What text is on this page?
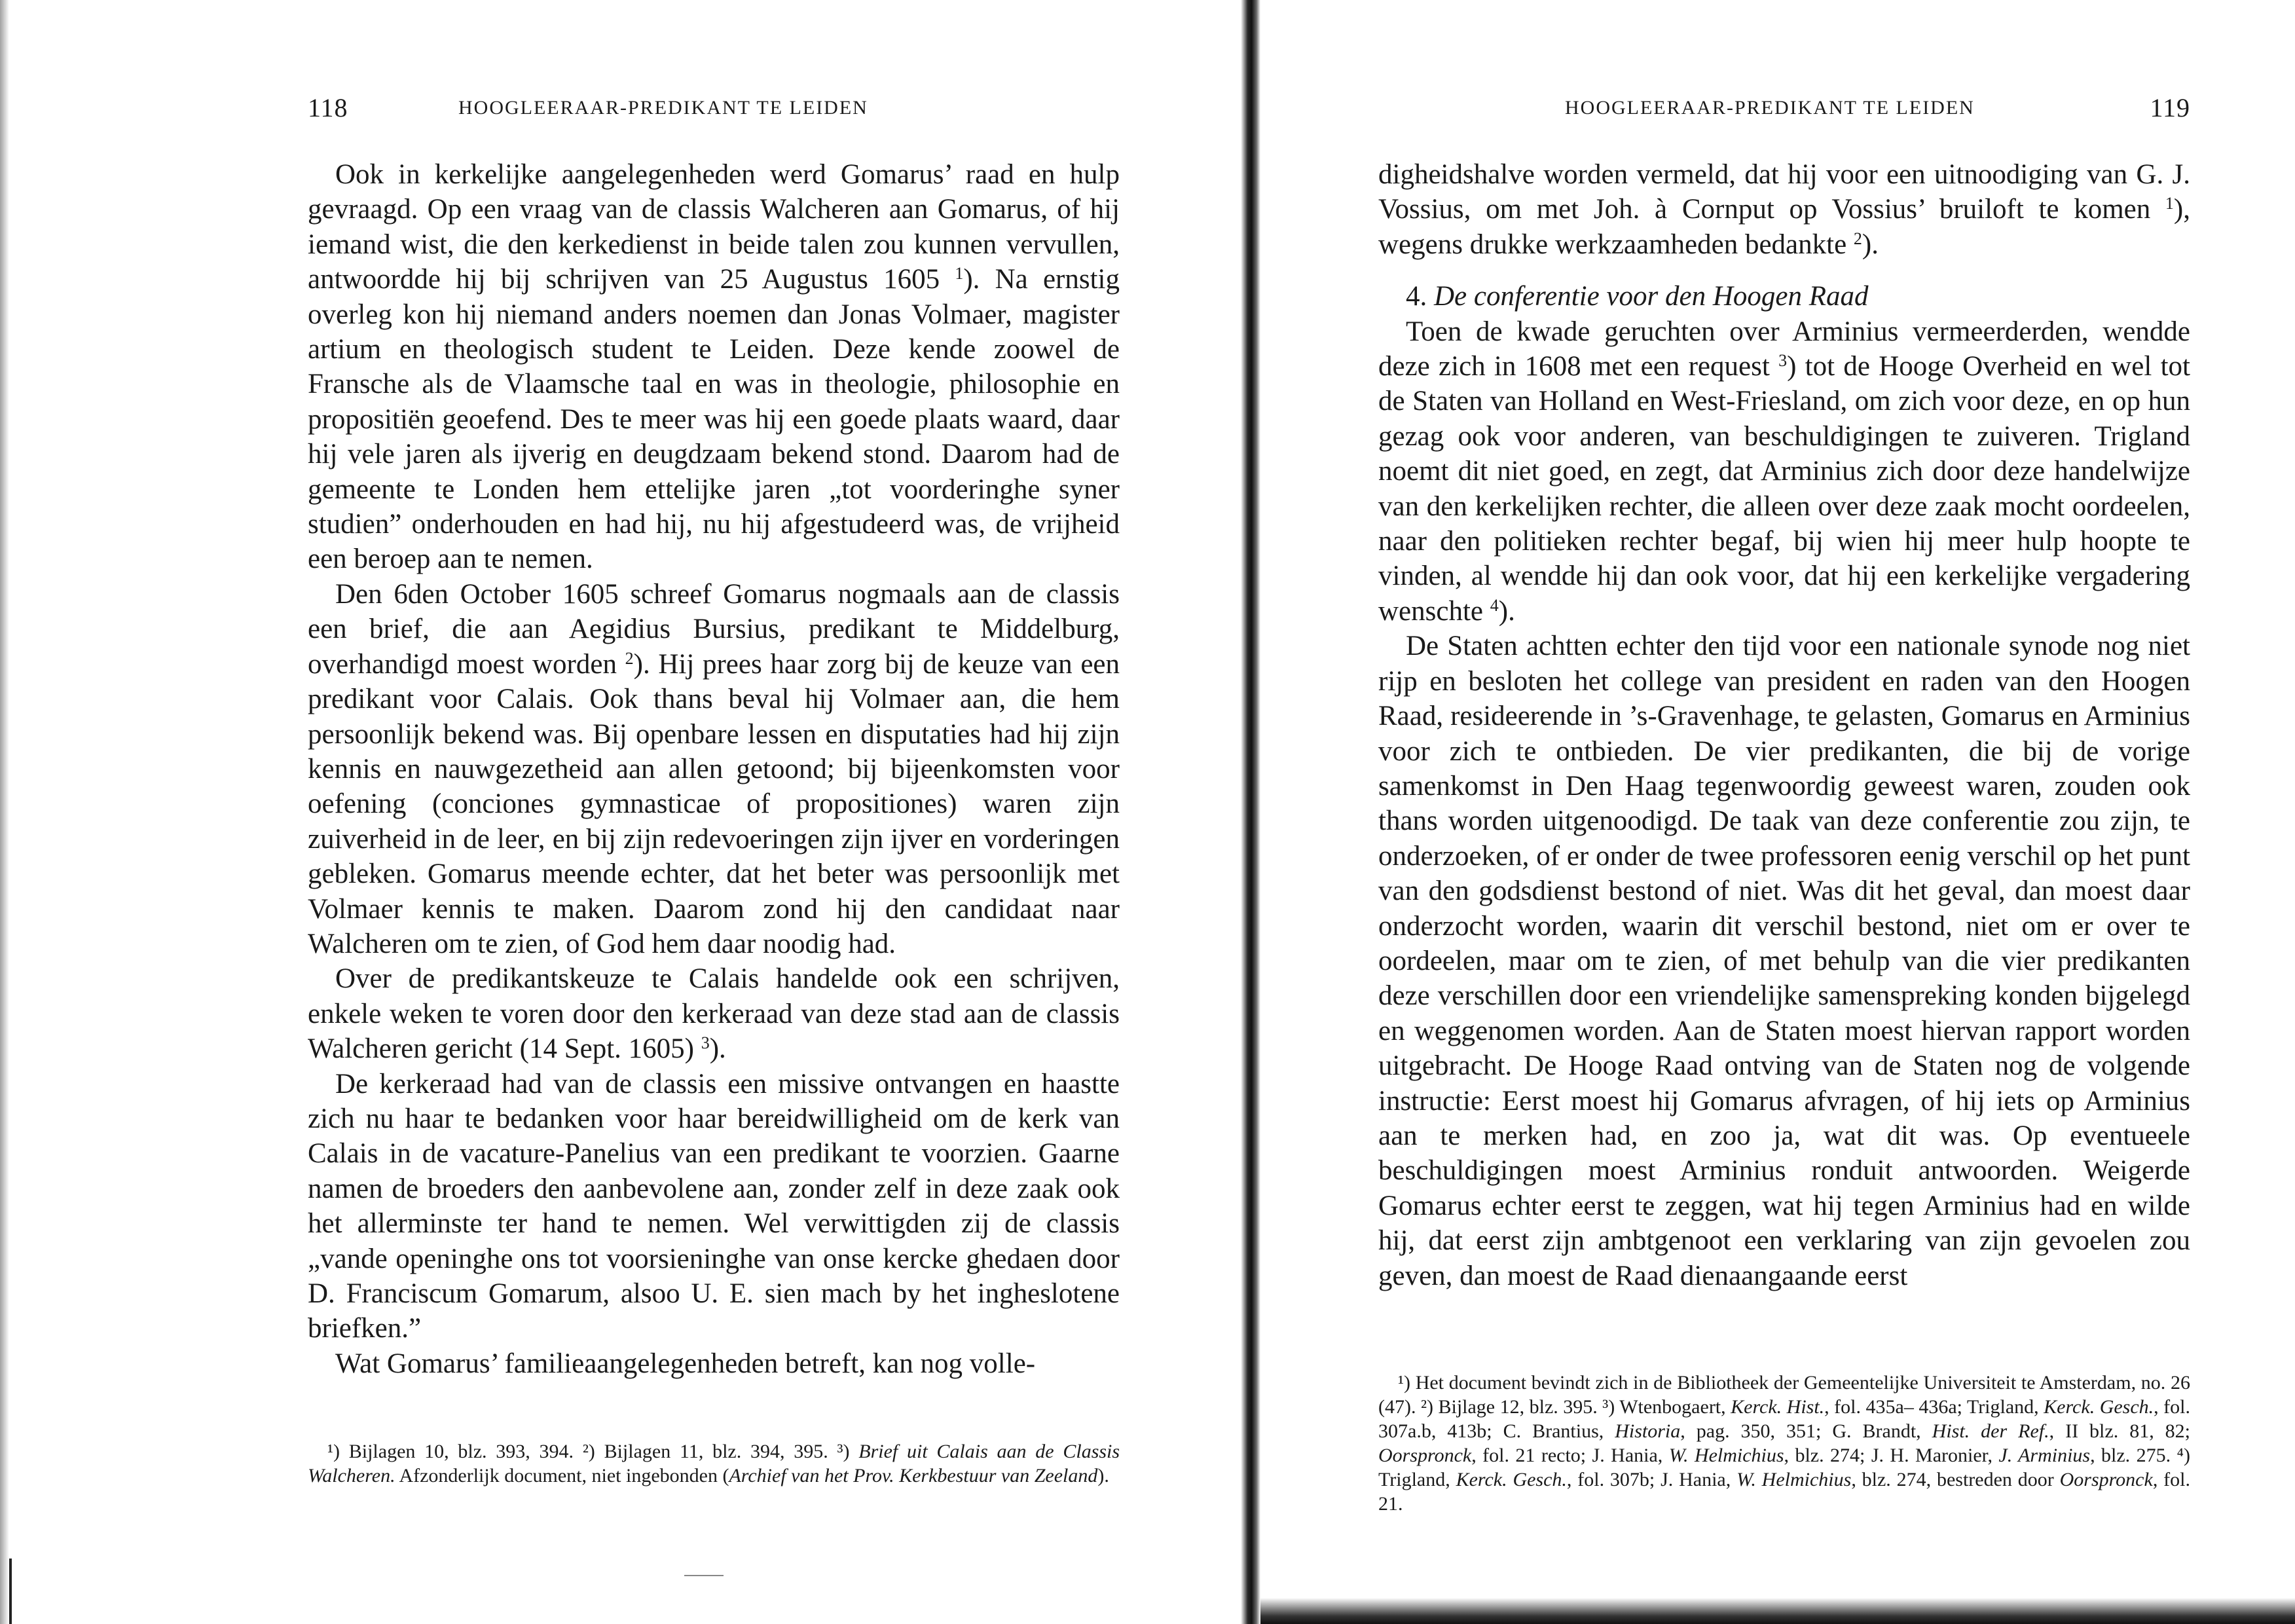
118	HOOGLEERAAR-PREDIKANT TE LEIDEN

Ook in kerkelijke aangelegenheden werd Gomarus’ raad en hulp gevraagd. Op een vraag van de classis Walcheren aan Gomarus, of hij iemand wist, die den kerkedienst in beide talen zou kunnen vervullen, antwoordde hij bij schrijven van 25 Augustus 1605 $^1$). Na ernstig overleg kon hij niemand anders noemen dan Jonas Volmaer, magister artium en theologisch student te Leiden. Deze kende zoowel de Fransche als de Vlaamsche taal en was in theologie, philosophie en propositiën geoefend. Des te meer was hij een goede plaats waard, daar hij vele jaren als ijverig en deugdzaam bekend stond. Daarom had de gemeente te Londen hem ettelijke jaren „tot voorderinghe syner studien” onderhouden en had hij, nu hij afgestudeerd was, de vrijheid een beroep aan te nemen.

Den 6den October 1605 schreef Gomarus nogmaals aan de classis een brief, die aan Aegidius Bursius, predikant te Middelburg, overhandigd moest worden $^2$). Hij prees haar zorg bij de keuze van een predikant voor Calais. Ook thans beval hij Volmaer aan, die hem persoonlijk bekend was. Bij openbare lessen en disputaties had hij zijn kennis en nauwgezetheid aan allen getoond; bij bijeenkomsten voor oefening (conciones gymnasticae of propositiones) waren zijn zuiverheid in de leer, en bij zijn redevoeringen zijn ijver en vorderingen gebleken. Gomarus meende echter, dat het beter was persoonlijk met Volmaer kennis te maken. Daarom zond hij den candidaat naar Walcheren om te zien, of God hem daar noodig had.

Over de predikantskeuze te Calais handelde ook een schrijven, enkele weken te voren door den kerkeraad van deze stad aan de classis Walcheren gericht (14 Sept. 1605) $^3$).

De kerkeraad had van de classis een missive ontvangen en haastte zich nu haar te bedanken voor haar bereidwilligheid om de kerk van Calais in de vacature-Panelius van een predikant te voorzien. Gaarne namen de broeders den aanbevolene aan, zonder zelf in deze zaak ook het allerminste ter hand te nemen. Wel verwittigden zij de classis „vande openinghe ons tot voorsieninghe van onse kercke ghedaen door D. Franciscum Gomarum, alsoo U. E. sien mach by het ingheslotene briefken.”

Wat Gomarus’ familieaangelegenheden betreft, kan nog volle-

¹) Bijlagen 10, blz. 393, 394. ²) Bijlagen 11, blz. 394, 395. ³) Brief uit Calais aan de Classis Walcheren. Afzonderlijk document, niet ingebonden (Archief van het Prov. Kerkbestuur van Zeeland).

HOOGLEERAAR-PREDIKANT TE LEIDEN	119

digheidshalve worden vermeld, dat hij voor een uitnoodiging van G. J. Vossius, om met Joh. à Cornput op Vossius’ bruiloft te komen $^1$), wegens drukke werkzaamheden bedankte $^2$).

4. De conferentie voor den Hoogen Raad

Toen de kwade geruchten over Arminius vermeerderden, wendde deze zich in 1608 met een request $^3$) tot de Hooge Overheid en wel tot de Staten van Holland en West-Friesland, om zich voor deze, en op hun gezag ook voor anderen, van beschuldigingen te zuiveren. Trigland noemt dit niet goed, en zegt, dat Arminius zich door deze handelwijze van den kerkelijken rechter, die alleen over deze zaak mocht oordeelen, naar den politieken rechter begaf, bij wien hij meer hulp hoopte te vinden, al wendde hij dan ook voor, dat hij een kerkelijke vergadering wenschte $^4$).

De Staten achtten echter den tijd voor een nationale synode nog niet rijp en besloten het college van president en raden van den Hoogen Raad, resideerende in ’s-Gravenhage, te gelasten, Gomarus en Arminius voor zich te ontbieden. De vier predikanten, die bij de vorige samenkomst in Den Haag tegenwoordig geweest waren, zouden ook thans worden uitgenoodigd. De taak van deze conferentie zou zijn, te onderzoeken, of er onder de twee professoren eenig verschil op het punt van den godsdienst bestond of niet. Was dit het geval, dan moest daar onderzocht worden, waarin dit verschil bestond, niet om er over te oordeelen, maar om te zien, of met behulp van die vier predikanten deze verschillen door een vriendelijke samenspreking konden bijgelegd en weggenomen worden. Aan de Staten moest hiervan rapport worden uitgebracht. De Hooge Raad ontving van de Staten nog de volgende instructie: Eerst moest hij Gomarus afvragen, of hij iets op Arminius aan te merken had, en zoo ja, wat dit was. Op eventueele beschuldigingen moest Arminius ronduit antwoorden. Weigerde Gomarus echter eerst te zeggen, wat hij tegen Arminius had en wilde hij, dat eerst zijn ambtgenoot een verklaring van zijn gevoelen zou geven, dan moest de Raad dienaangaande eerst

¹) Het document bevindt zich in de Bibliotheek der Gemeentelijke Universiteit te Amsterdam, no. 26 (47). ²) Bijlage 12, blz. 395. ³) Wtenbogaert, Kerck. Hist., fol. 435a– 436a; Trigland, Kerck. Gesch., fol. 307a.b, 413b; C. Brantius, Historia, pag. 350, 351; G. Brandt, Hist. der Ref., II blz. 81, 82; Oorspronck, fol. 21 recto; J. Hania, W. Helmichius, blz. 274; J. H. Maronier, J. Arminius, blz. 275. ⁴) Trigland, Kerck. Gesch., fol. 307b; J. Hania, W. Helmichius, blz. 274, bestreden door Oorspronck, fol. 21.
